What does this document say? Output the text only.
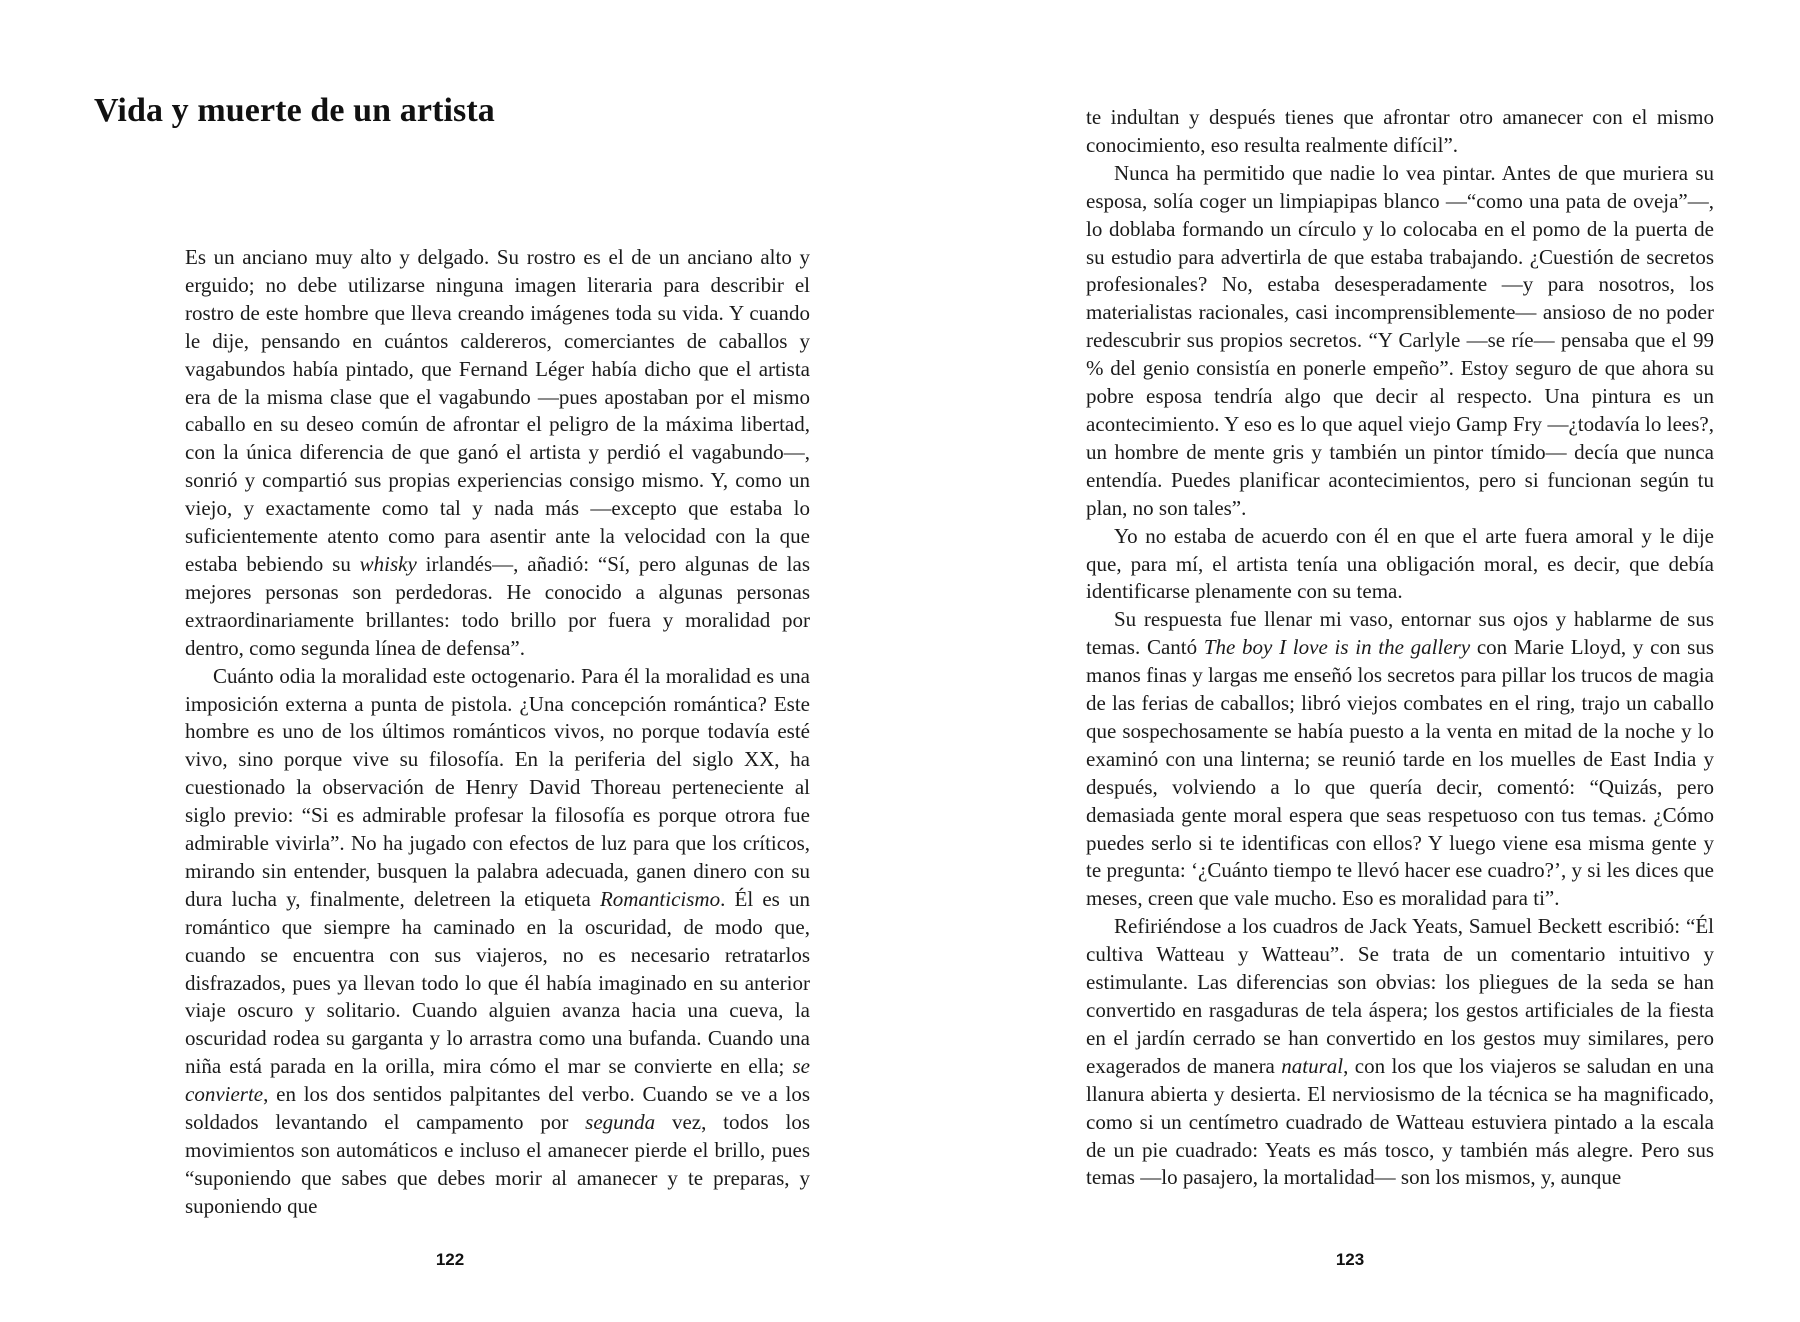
Vida y muerte de un artista

Es un anciano muy alto y delgado. Su rostro es el de un anciano alto y erguido; no debe utilizarse ninguna imagen literaria para describir el rostro de este hombre que lleva creando imágenes toda su vida. Y cuando le dije, pensando en cuántos caldereros, comerciantes de caballos y vagabundos había pintado, que Fernand Léger había dicho que el artista era de la misma clase que el vagabundo —pues apostaban por el mismo caballo en su deseo común de afrontar el peligro de la máxima libertad, con la única diferencia de que ganó el artista y perdió el vagabundo—, sonrió y compartió sus propias experiencias consigo mismo. Y, como un viejo, y exactamente como tal y nada más —excepto que estaba lo suficientemente atento como para asentir ante la velocidad con la que estaba bebiendo su whisky irlandés—, añadió: “Sí, pero algunas de las mejores personas son perdedoras. He conocido a algunas personas extraordinariamente brillantes: todo brillo por fuera y moralidad por dentro, como segunda línea de defensa”.

Cuánto odia la moralidad este octogenario. Para él la moralidad es una imposición externa a punta de pistola. ¿Una concepción romántica? Este hombre es uno de los últimos románticos vivos, no porque todavía esté vivo, sino porque vive su filosofía. En la periferia del siglo XX, ha cuestionado la observación de Henry David Thoreau perteneciente al siglo previo: “Si es admirable profesar la filosofía es porque otrora fue admirable vivirla”. No ha jugado con efectos de luz para que los críticos, mirando sin entender, busquen la palabra adecuada, ganen dinero con su dura lucha y, finalmente, deletreen la etiqueta Romanticismo. Él es un romántico que siempre ha caminado en la oscuridad, de modo que, cuando se encuentra con sus viajeros, no es necesario retratarlos disfrazados, pues ya llevan todo lo que él había imaginado en su anterior viaje oscuro y solitario. Cuando alguien avanza hacia una cueva, la oscuridad rodea su garganta y lo arrastra como una bufanda. Cuando una niña está parada en la orilla, mira cómo el mar se convierte en ella; se convierte, en los dos sentidos palpitantes del verbo. Cuando se ve a los soldados levantando el campamento por segunda vez, todos los movimientos son automáticos e incluso el amanecer pierde el brillo, pues “suponiendo que sabes que debes morir al amanecer y te preparas, y suponiendo que

122

te indultan y después tienes que afrontar otro amanecer con el mismo conocimiento, eso resulta realmente difícil”.

Nunca ha permitido que nadie lo vea pintar. Antes de que muriera su esposa, solía coger un limpiapipas blanco —“como una pata de oveja”—, lo doblaba formando un círculo y lo colocaba en el pomo de la puerta de su estudio para advertirla de que estaba trabajando. ¿Cuestión de secretos profesionales? No, estaba desesperadamente —y para nosotros, los materialistas racionales, casi incomprensiblemente— ansioso de no poder redescubrir sus propios secretos. “Y Carlyle —se ríe— pensaba que el 99 % del genio consistía en ponerle empeño”. Estoy seguro de que ahora su pobre esposa tendría algo que decir al respecto. Una pintura es un acontecimiento. Y eso es lo que aquel viejo Gamp Fry —¿todavía lo lees?, un hombre de mente gris y también un pintor tímido— decía que nunca entendía. Puedes planificar acontecimientos, pero si funcionan según tu plan, no son tales”.

Yo no estaba de acuerdo con él en que el arte fuera amoral y le dije que, para mí, el artista tenía una obligación moral, es decir, que debía identificarse plenamente con su tema.

Su respuesta fue llenar mi vaso, entornar sus ojos y hablarme de sus temas. Cantó The boy I love is in the gallery con Marie Lloyd, y con sus manos finas y largas me enseñó los secretos para pillar los trucos de magia de las ferias de caballos; libró viejos combates en el ring, trajo un caballo que sospechosamente se había puesto a la venta en mitad de la noche y lo examinó con una linterna; se reunió tarde en los muelles de East India y después, volviendo a lo que quería decir, comentó: “Quizás, pero demasiada gente moral espera que seas respetuoso con tus temas. ¿Cómo puedes serlo si te identificas con ellos? Y luego viene esa misma gente y te pregunta: ‘¿Cuánto tiempo te llevó hacer ese cuadro?’, y si les dices que meses, creen que vale mucho. Eso es moralidad para ti”.

Refiriéndose a los cuadros de Jack Yeats, Samuel Beckett escribió: “Él cultiva Watteau y Watteau”. Se trata de un comentario intuitivo y estimulante. Las diferencias son obvias: los pliegues de la seda se han convertido en rasgaduras de tela áspera; los gestos artificiales de la fiesta en el jardín cerrado se han convertido en los gestos muy similares, pero exagerados de manera natural, con los que los viajeros se saludan en una llanura abierta y desierta. El nerviosismo de la técnica se ha magnificado, como si un centímetro cuadrado de Watteau estuviera pintado a la escala de un pie cuadrado: Yeats es más tosco, y también más alegre. Pero sus temas —lo pasajero, la mortalidad— son los mismos, y, aunque

123
